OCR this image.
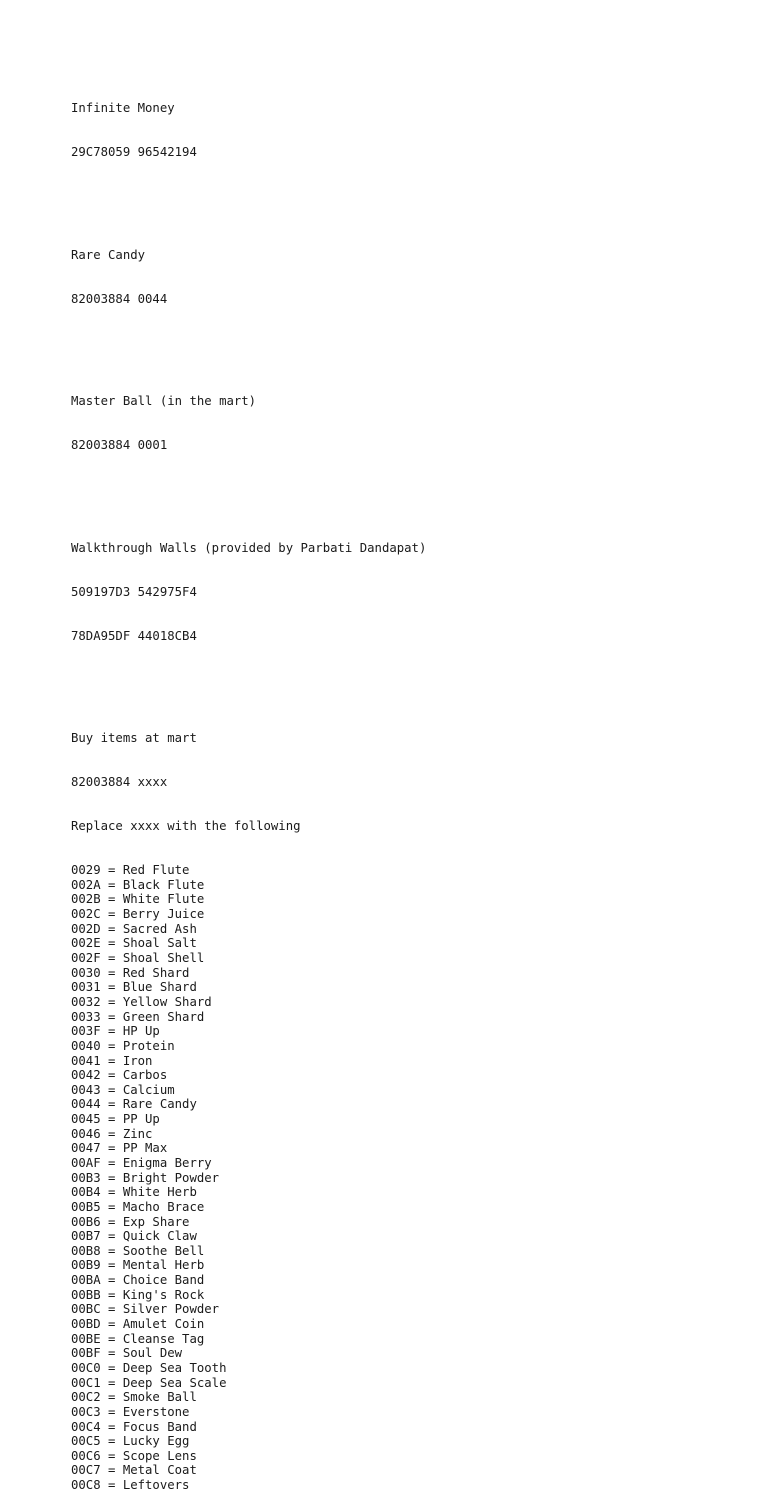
Infinite Money

29C78059 96542194

Rare Candy

82003884 0044

Master Ball (in the mart)

82003884 0001

Walkthrough Walls (provided by Parbati Dandapat)

509197D3 542975F4

78DA95DF 44018CB4

Buy items at mart

82003884 xxxx

Replace xxxx with the following

0029 = Red Flute
002A = Black Flute
002B = White Flute
002C = Berry Juice
002D = Sacred Ash
002E = Shoal Salt
002F = Shoal Shell
0030 = Red Shard
0031 = Blue Shard
0032 = Yellow Shard
0033 = Green Shard
003F = HP Up
0040 = Protein
0041 = Iron
0042 = Carbos
0043 = Calcium
0044 = Rare Candy
0045 = PP Up
0046 = Zinc
0047 = PP Max
00AF = Enigma Berry
00B3 = Bright Powder
00B4 = White Herb
00B5 = Macho Brace
00B6 = Exp Share
00B7 = Quick Claw
00B8 = Soothe Bell
00B9 = Mental Herb
00BA = Choice Band
00BB = King's Rock
00BC = Silver Powder
00BD = Amulet Coin
00BE = Cleanse Tag
00BF = Soul Dew
00C0 = Deep Sea Tooth
00C1 = Deep Sea Scale
00C2 = Smoke Ball
00C3 = Everstone
00C4 = Focus Band
00C5 = Lucky Egg
00C6 = Scope Lens
00C7 = Metal Coat
00C8 = Leftovers
